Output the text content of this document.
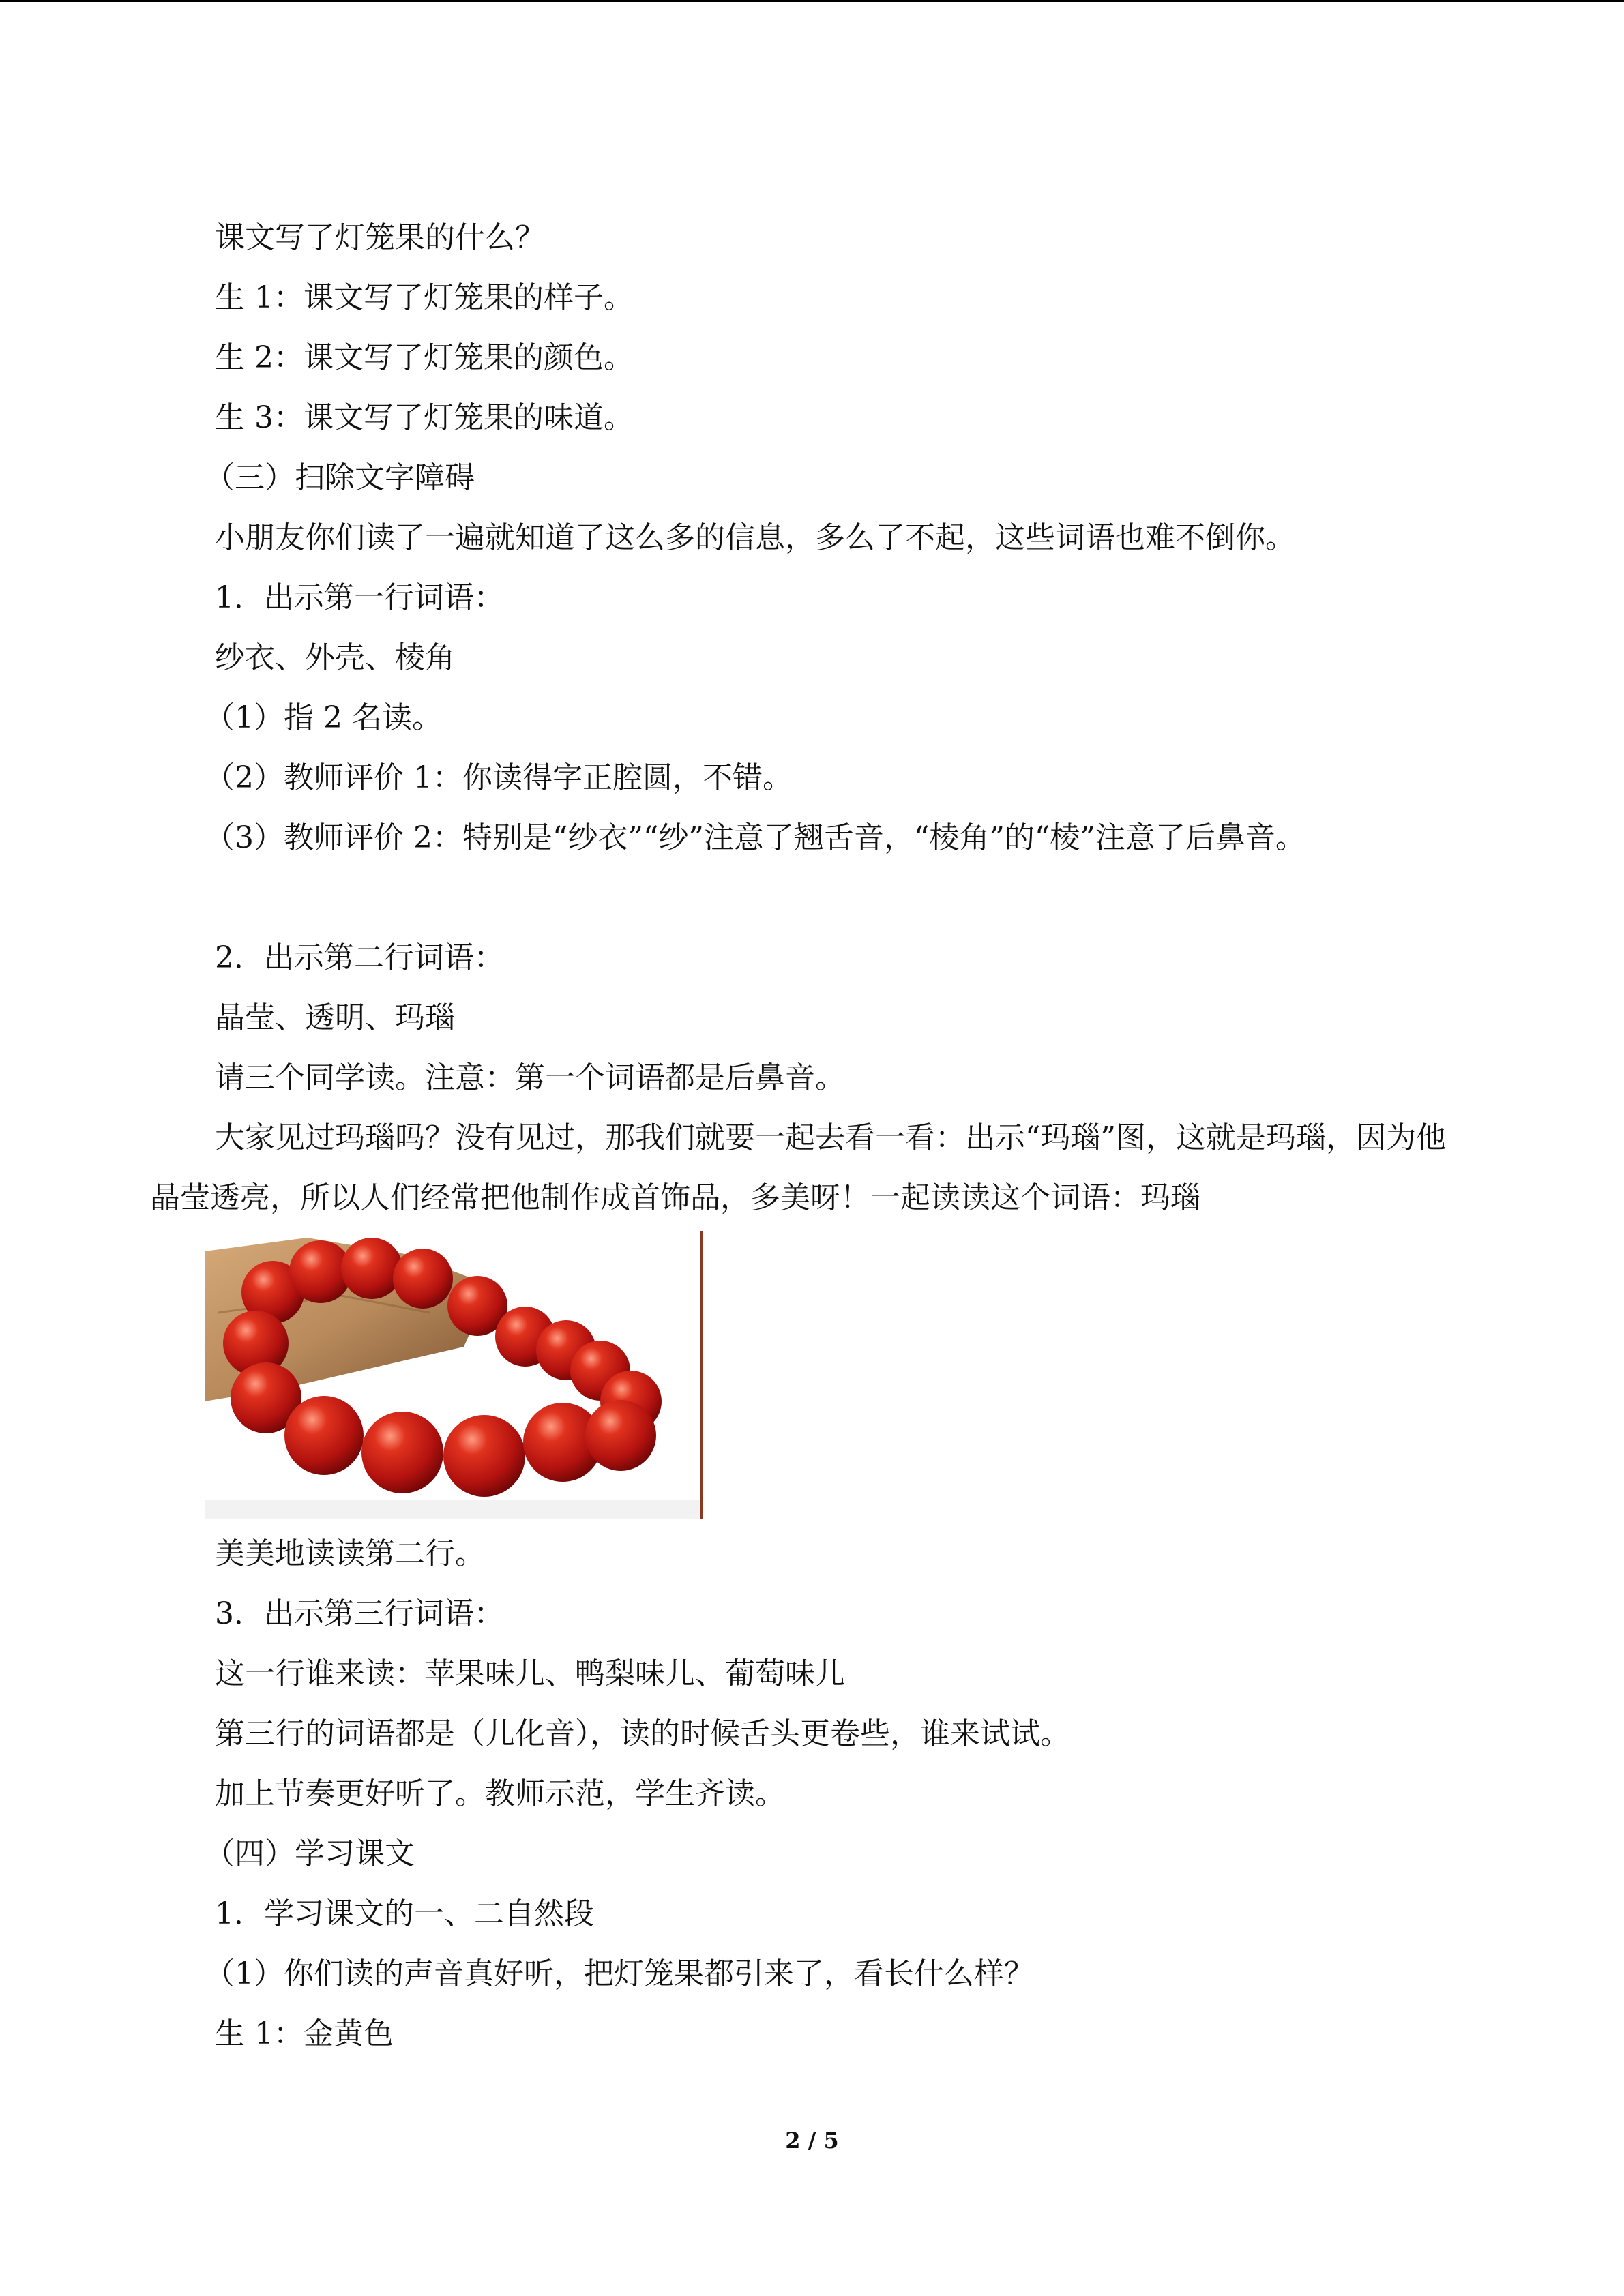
课文写了灯笼果的什么？

生 1：课文写了灯笼果的样子。

生 2：课文写了灯笼果的颜色。

生 3：课文写了灯笼果的味道。

（三）扫除文字障碍

小朋友你们读了一遍就知道了这么多的信息，多么了不起，这些词语也难不倒你。

1．出示第一行词语：

纱衣、外壳、棱角

（1）指 2 名读。

（2）教师评价 1：你读得字正腔圆，不错。

（3）教师评价 2：特别是“纱衣”“纱”注意了翘舌音，“棱角”的“棱”注意了后鼻音。

2．出示第二行词语：

晶莹、透明、玛瑙

请三个同学读。注意：第一个词语都是后鼻音。

大家见过玛瑙吗？没有见过，那我们就要一起去看一看：出示“玛瑙”图，这就是玛瑙，因为他晶莹透亮，所以人们经常把他制作成首饰品，多美呀！一起读读这个词语：玛瑙

美美地读读第二行。

3．出示第三行词语：

这一行谁来读：苹果味儿、鸭梨味儿、葡萄味儿

第三行的词语都是（儿化音），读的时候舌头更卷些，谁来试试。

加上节奏更好听了。教师示范，学生齐读。

（四）学习课文

1．学习课文的一、二自然段

（1）你们读的声音真好听，把灯笼果都引来了，看长什么样？

生 1：金黄色

2 / 5
